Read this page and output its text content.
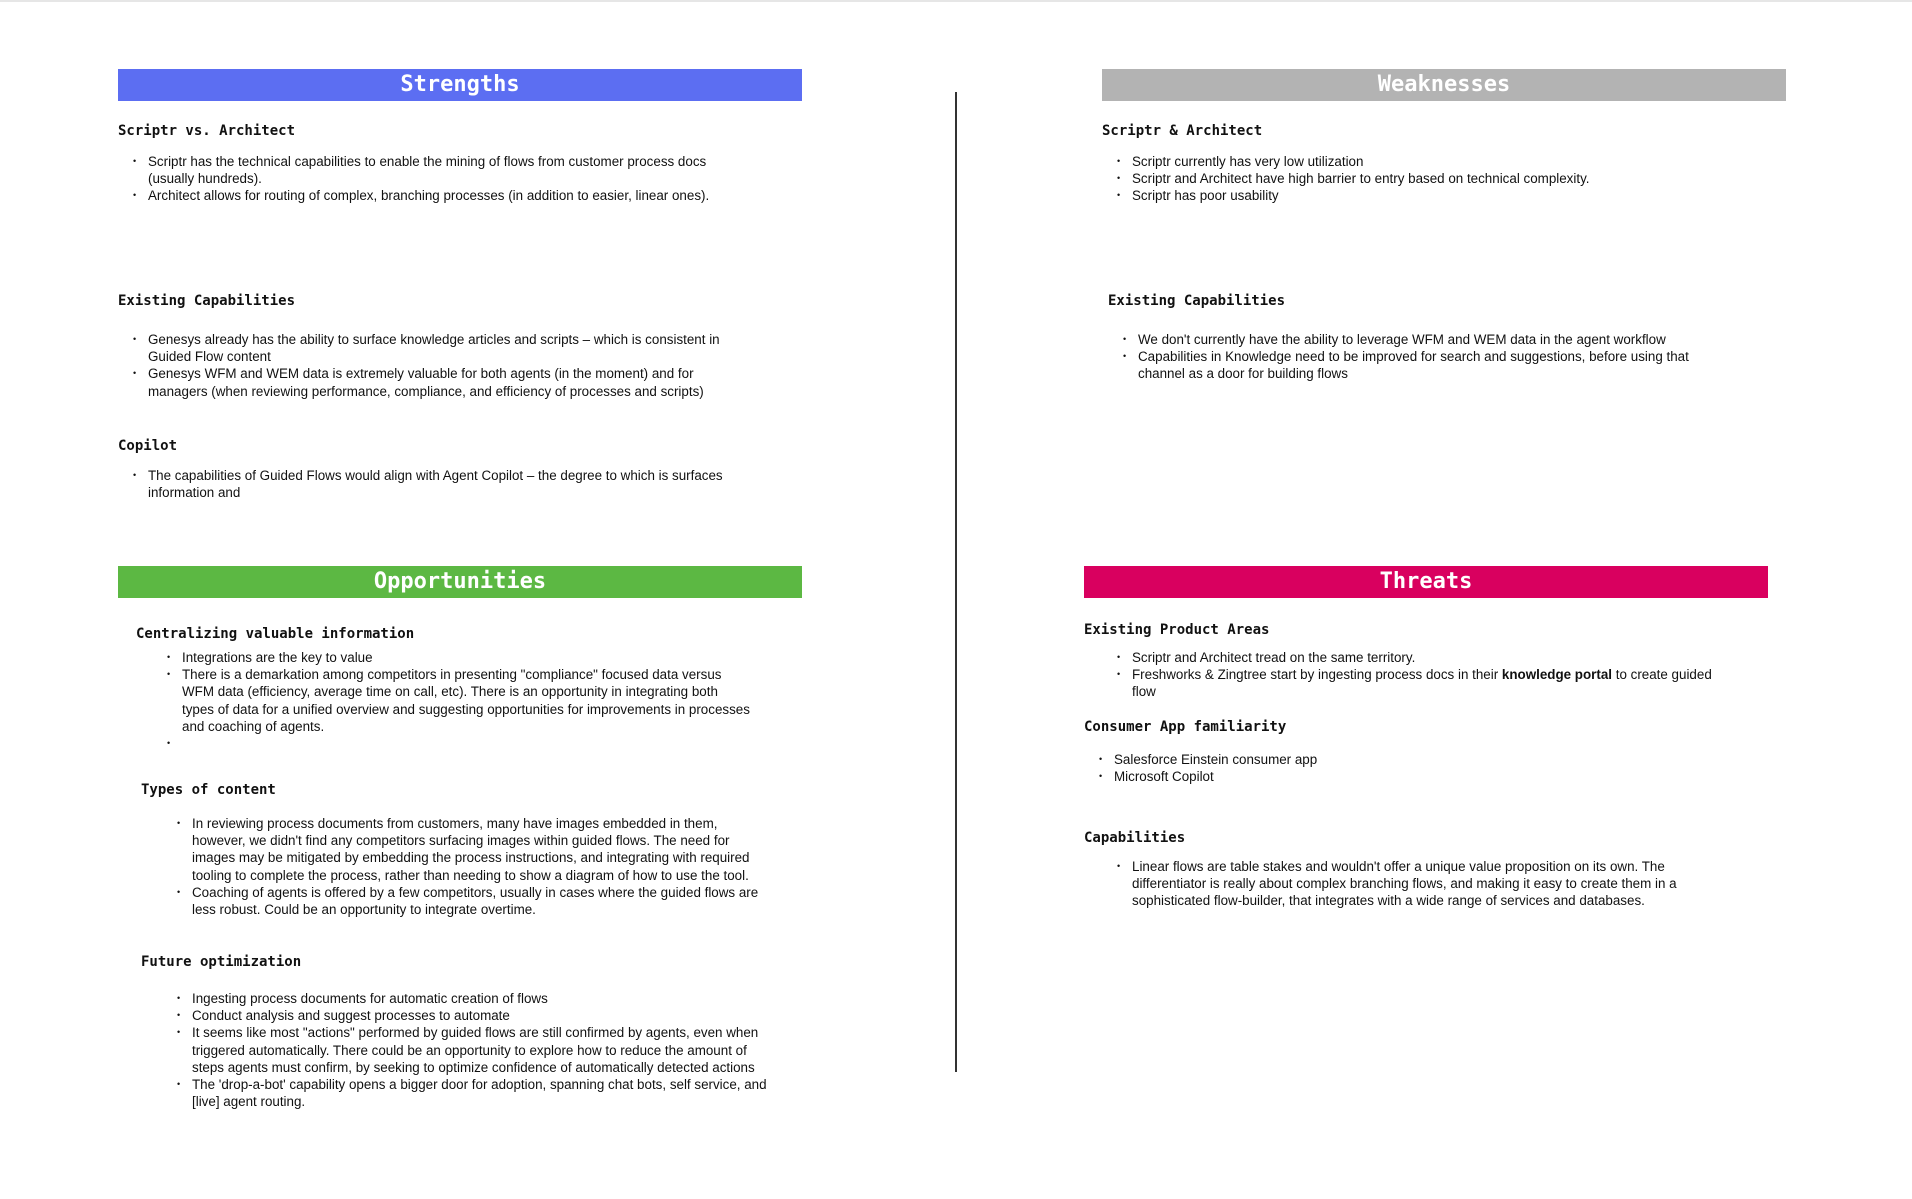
Strengths
Scriptr vs. Architect
• Scriptr has the technical capabilities to enable the mining of flows from customer process docs (usually hundreds).
• Architect allows for routing of complex, branching processes (in addition to easier, linear ones).
Existing Capabilities
• Genesys already has the ability to surface knowledge articles and scripts – which is consistent in Guided Flow content
• Genesys WFM and WEM data is extremely valuable for both agents (in the moment) and for managers (when reviewing performance, compliance, and efficiency of processes and scripts)
Copilot
• The capabilities of Guided Flows would align with Agent Copilot – the degree to which is surfaces information and
Weaknesses
Scriptr & Architect
• Scriptr currently has very low utilization
• Scriptr and Architect have high barrier to entry based on technical complexity.
• Scriptr has poor usability
Existing Capabilities
• We don't currently have the ability to leverage WFM and WEM data in the agent workflow
• Capabilities in Knowledge need to be improved for search and suggestions, before using that channel as a door for building flows
Opportunities
Centralizing valuable information
• Integrations are the key to value
• There is a demarkation among competitors in presenting "compliance" focused data versus WFM data (efficiency, average time on call, etc). There is an opportunity in integrating both types of data for a unified overview and suggesting opportunities for improvements in processes and coaching of agents.
•
Types of content
• In reviewing process documents from customers, many have images embedded in them, however, we didn't find any competitors surfacing images within guided flows. The need for images may be mitigated by embedding the process instructions, and integrating with required tooling to complete the process, rather than needing to show a diagram of how to use the tool.
• Coaching of agents is offered by a few competitors, usually in cases where the guided flows are less robust. Could be an opportunity to integrate overtime.
Future optimization
• Ingesting process documents for automatic creation of flows
• Conduct analysis and suggest processes to automate
• It seems like most "actions" performed by guided flows are still confirmed by agents, even when triggered automatically. There could be an opportunity to explore how to reduce the amount of steps agents must confirm, by seeking to optimize confidence of automatically detected actions
• The 'drop-a-bot' capability opens a bigger door for adoption, spanning chat bots, self service, and [live] agent routing.
Threats
Existing Product Areas
• Scriptr and Architect tread on the same territory.
• Freshworks & Zingtree start by ingesting process docs in their knowledge portal to create guided flow
Consumer App familiarity
• Salesforce Einstein consumer app
• Microsoft Copilot
Capabilities
• Linear flows are table stakes and wouldn't offer a unique value proposition on its own. The differentiator is really about complex branching flows, and making it easy to create them in a sophisticated flow-builder, that integrates with a wide range of services and databases.
